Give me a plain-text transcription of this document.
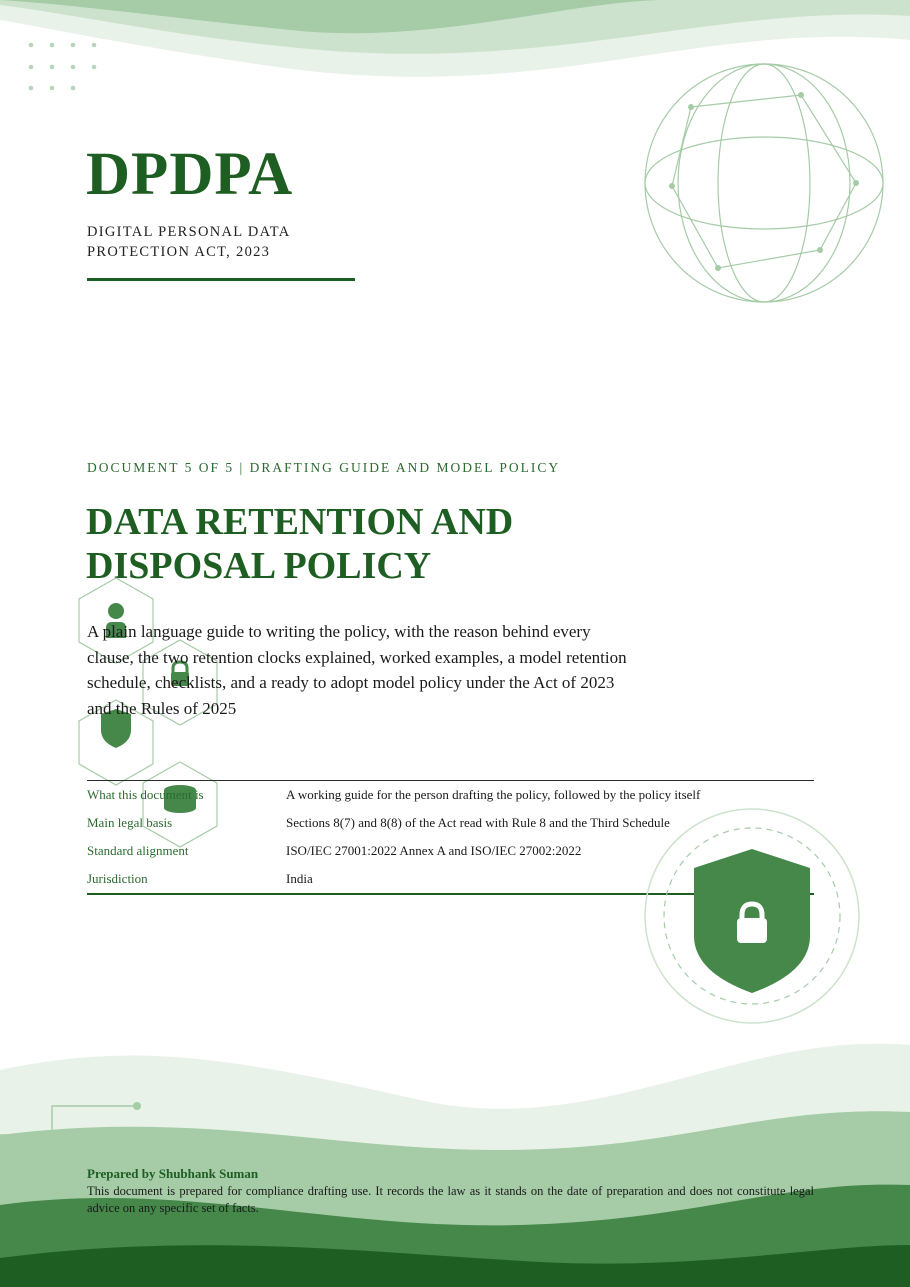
DPDPA
DIGITAL PERSONAL DATA
PROTECTION ACT, 2023
DOCUMENT 5 OF 5 | DRAFTING GUIDE AND MODEL POLICY
DATA RETENTION AND
DISPOSAL POLICY

A plain language guide to writing the policy, with the reason behind every clause, the two retention clocks explained, worked examples, a model retention schedule, checklists, and a ready to adopt model policy under the Act of 2023 and the Rules of 2025

What this document is	A working guide for the person drafting the policy, followed by the policy itself
Main legal basis	Sections 8(7) and 8(8) of the Act read with Rule 8 and the Third Schedule
Standard alignment	ISO/IEC 27001:2022 Annex A and ISO/IEC 27002:2022
Jurisdiction	India
Prepared by Shubhank Suman

This document is prepared for compliance drafting use. It records the law as it stands on the date of preparation and does not constitute legal advice on any specific set of facts.
